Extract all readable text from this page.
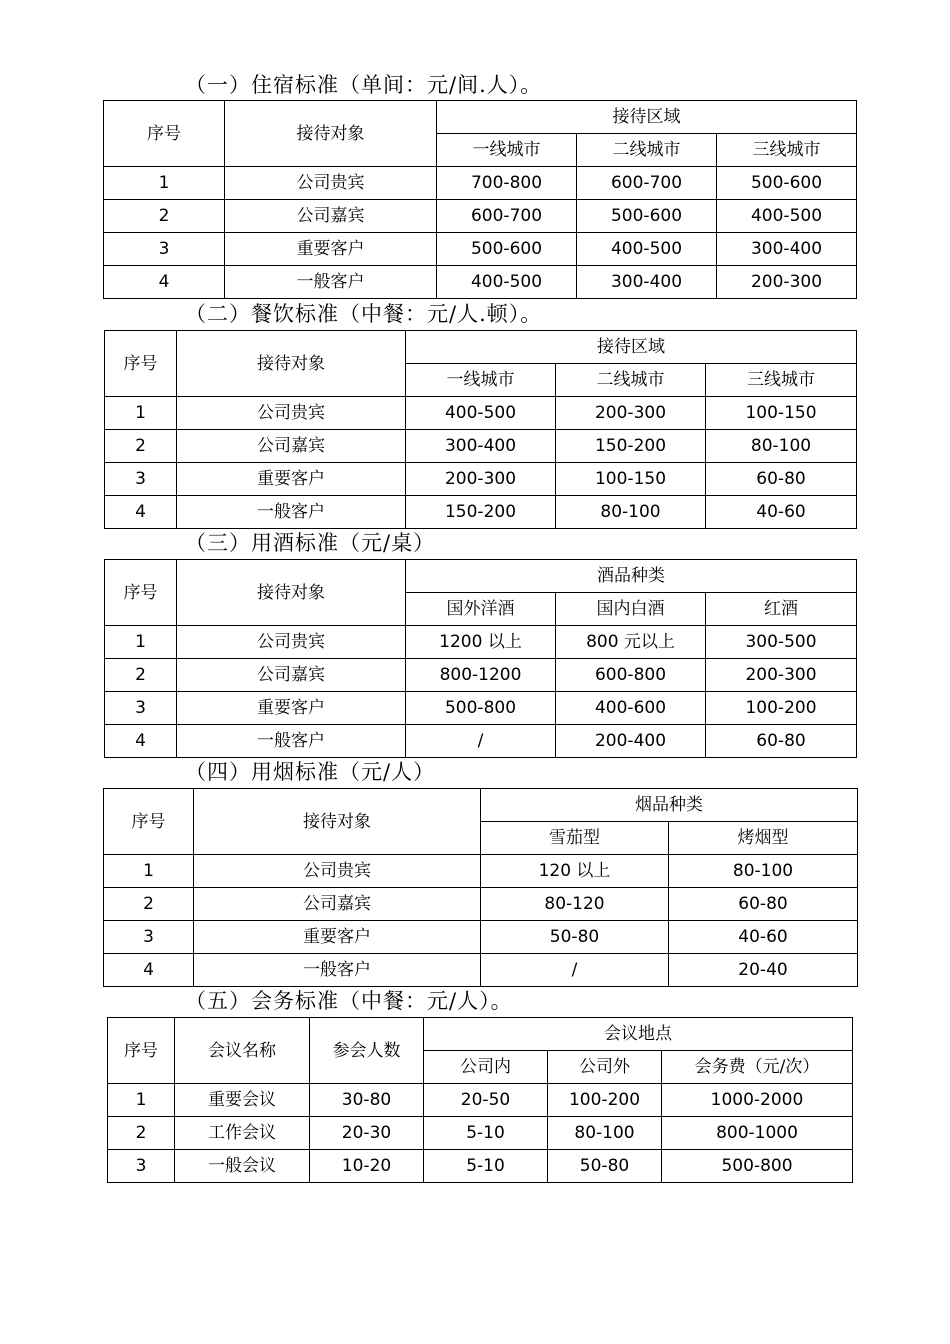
（一）住宿标准（单间：元/间.人）。
序号	接待对象	接待区域		
		一线城市	二线城市	三线城市
1	公司贵宾	700-800	600-700	500-600
2	公司嘉宾	600-700	500-600	400-500
3	重要客户	500-600	400-500	300-400
4	一般客户	400-500	300-400	200-300
（二）餐饮标准（中餐：元/人.顿）。
序号	接待对象	接待区域		
		一线城市	二线城市	三线城市
1	公司贵宾	400-500	200-300	100-150
2	公司嘉宾	300-400	150-200	80-100
3	重要客户	200-300	100-150	60-80
4	一般客户	150-200	80-100	40-60
（三）用酒标准（元/桌）
序号	接待对象	酒品种类		
		国外洋酒	国内白酒	红酒
1	公司贵宾	1200 以上	800 元以上	300-500
2	公司嘉宾	800-1200	600-800	200-300
3	重要客户	500-800	400-600	100-200
4	一般客户	/	200-400	60-80
（四）用烟标准（元/人）
序号	接待对象	烟品种类	
		雪茄型	烤烟型
1	公司贵宾	120 以上	80-100
2	公司嘉宾	80-120	60-80
3	重要客户	50-80	40-60
4	一般客户	/	20-40
（五）会务标准（中餐：元/人）。
序号	会议名称	参会人数	会议地点		
			公司内	公司外	会务费（元/次）
1	重要会议	30-80	20-50	100-200	1000-2000
2	工作会议	20-30	5-10	80-100	800-1000
3	一般会议	10-20	5-10	50-80	500-800
